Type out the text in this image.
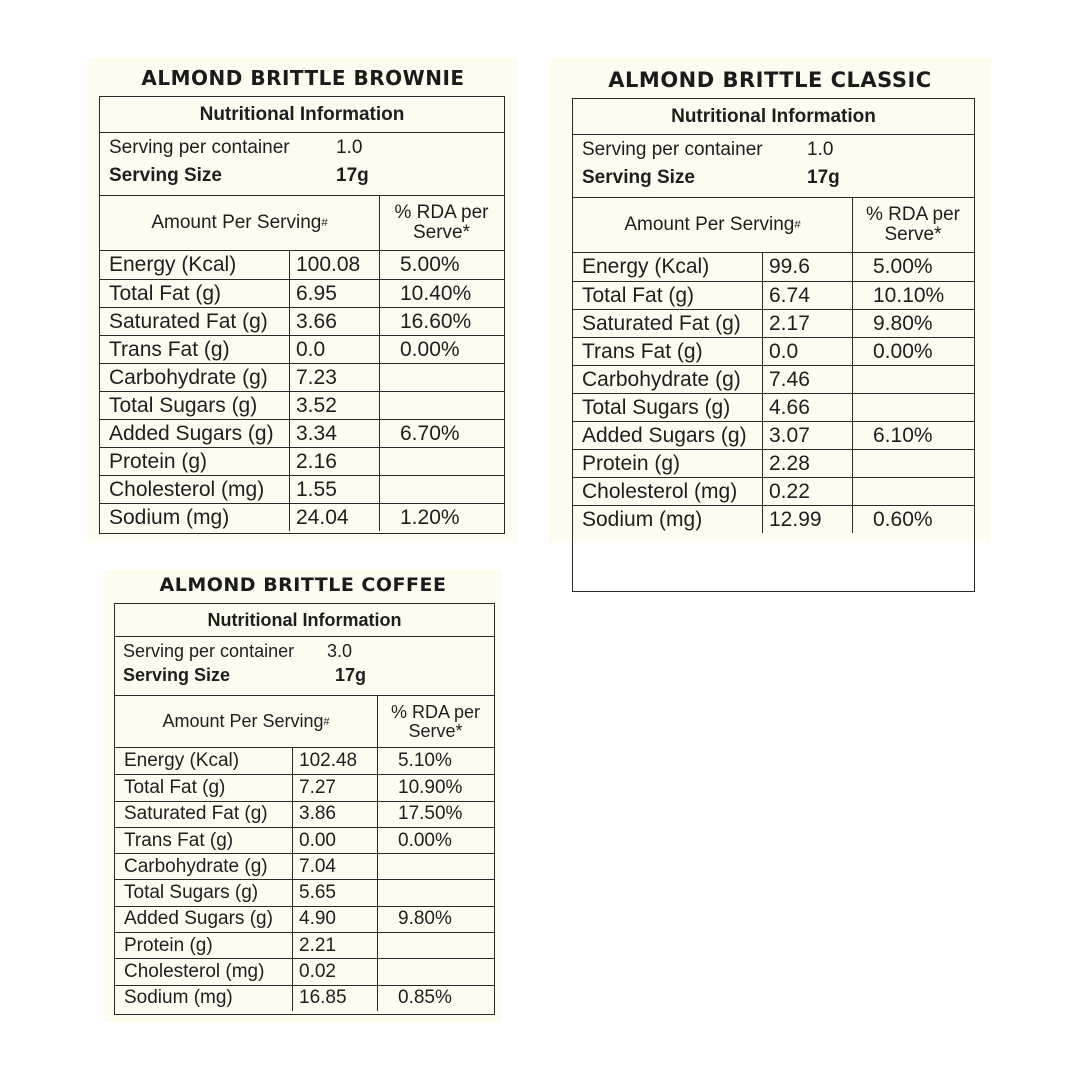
ALMOND BRITTLE BROWNIE
Nutritional Information
Serving per container 1.0
Serving Size	17g
Amount Per Serving #	% RDA per
Serve*
Energy (Kcal)	100.08	5.00%
Total Fat (g)	6.95	10.40%
Saturated Fat (g)	3.66	16.60%
Trans Fat (g)	0.0	0.00%
Carbohydrate (g)	7.23
Total Sugars (g)	3.52
Added Sugars (g)	3.34	6.70%
Protein (g)	2.16
Cholesterol (mg)	1.55
Sodium (mg)	24.04	1.20%
ALMOND BRITTLE CLASSIC
Nutritional Information
Serving per container 1.0
Serving Size	17g
Amount Per Serving #	% RDA per
Serve*
Energy (Kcal)	99.6	5.00%
Total Fat (g)	6.74	10.10%
Saturated Fat (g)	2.17	9.80%
Trans Fat (g)	0.0	0.00%
Carbohydrate (g)	7.46
Total Sugars (g)	4.66
Added Sugars (g)	3.07	6.10%
Protein (g)	2.28
Cholesterol (mg)	0.22
Sodium (mg)	12.99	0.60%
ALMOND BRITTLE COFFEE
Nutritional Information
Serving per container 3.0
Serving Size	17g
Amount Per Serving #	% RDA per
Serve*
Energy (Kcal)	102.48	5.10%
Total Fat (g)	7.27	10.90%
Saturated Fat (g)	3.86	17.50%
Trans Fat (g)	0.00	0.00%
Carbohydrate (g)	7.04
Total Sugars (g)	5.65
Added Sugars (g)	4.90	9.80%
Protein (g)	2.21
Cholesterol (mg)	0.02
Sodium (mg)	16.85	0.85%
